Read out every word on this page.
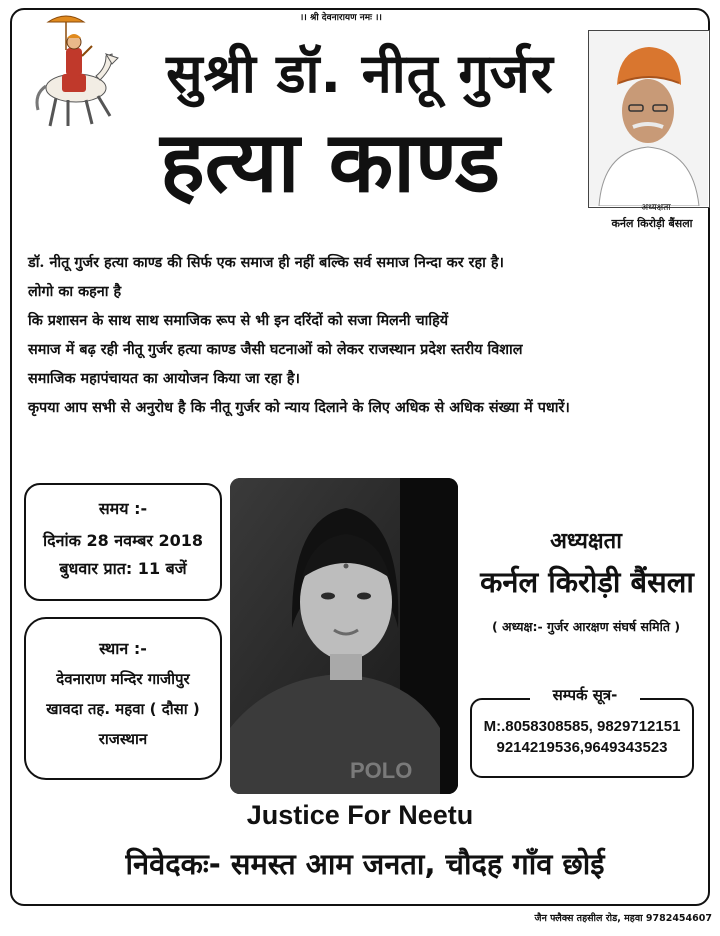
।। श्री देवनारायण नमः ।।
सुश्री डॉ. नीतू गुर्जर
हत्या काण्ड	अध्यक्षता
कर्नल किरोड़ी बैंसला

डॉ. नीतू गुर्जर हत्या काण्ड की सिर्फ एक समाज ही नहीं बल्कि सर्व समाज निन्दा कर रहा है।

लोगो का कहना है

कि प्रशासन के साथ साथ समाजिक रूप से भी इन दरिंदों को सजा मिलनी चाहियें

समाज में बढ़ रही नीतू गुर्जर हत्या काण्ड जैसी घटनाओं को लेकर राजस्थान प्रदेश स्तरीय विशाल

समाजिक महापंचायत का आयोजन किया जा रहा है।

कृपया आप सभी से अनुरोध है कि नीतू गुर्जर को न्याय दिलाने के लिए अधिक से अधिक संख्या में पधारें।

समय :-
दिनांक 28 नवम्बर 2018
बुधवार प्रात: 11 बजें
स्थान :-
देवनाराण मन्दिर गाजीपुर
खावदा तह. महवा ( दौसा )
राजस्थान
POLO
अध्यक्षता
कर्नल किरोड़ी बैंसला
( अध्यक्ष:- गुर्जर आरक्षण संघर्ष समिति )
M:.8058308585, 9829712151
9214219536,9649343523
सम्पर्क सूत्र-
Justice For Neetu
निवेदकः- समस्त आम जनता, चौदह गाँव छोई
जैन फ्लैक्स तहसील रोड, महवा 9782454607
